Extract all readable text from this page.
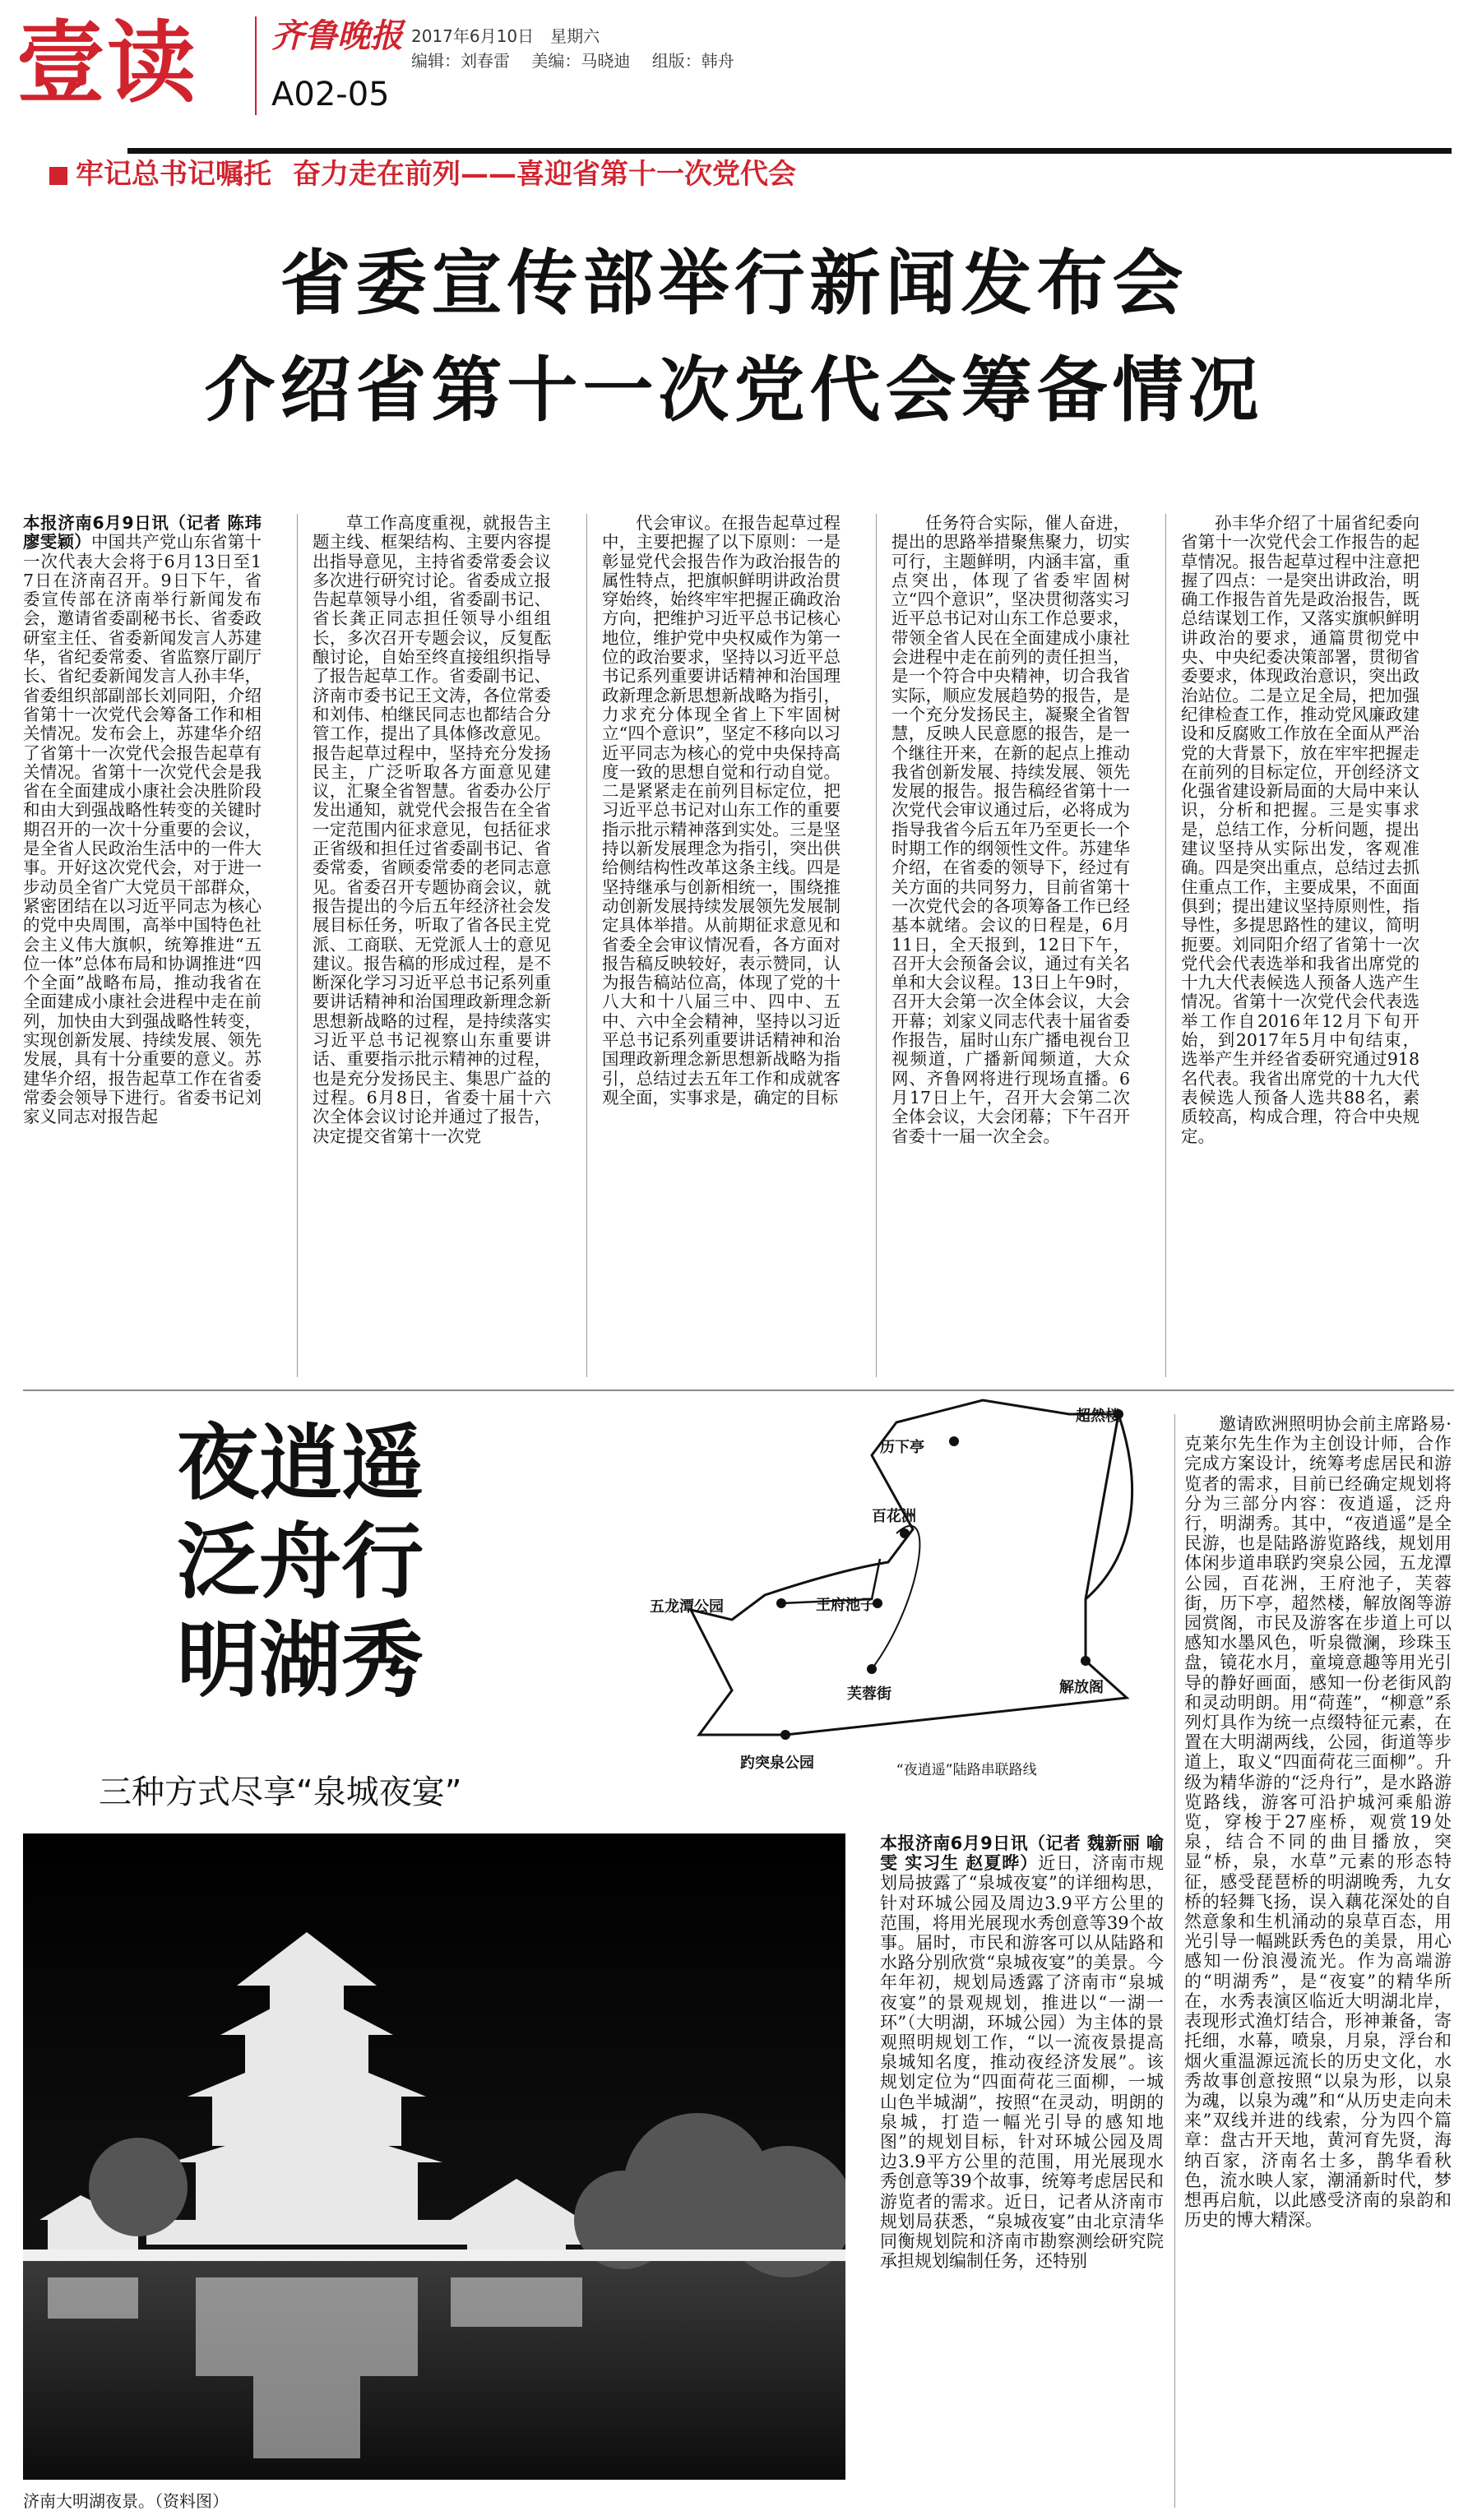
壹读 齐鲁晚报 2017年6月10日　星期六
编辑：刘春雷 美编：马晓迪 组版：韩舟
A02-05
牢记总书记嘱托 奋力走在前列——喜迎省第十一次党代会
省委宣传部举行新闻发布会
介绍省第十一次党代会筹备情况
本报济南6月9日讯（记者 陈玮 廖雯颖）中国共产党山东省第十一次代表大会将于6月13日至17日在济南召开。9日下午，省委宣传部在济南举行新闻发布会，邀请省委副秘书长、省委政研室主任、省委新闻发言人苏建华，省纪委常委、省监察厅副厅长、省纪委新闻发言人孙丰华，省委组织部副部长刘同阳，介绍省第十一次党代会筹备工作和相关情况。发布会上，苏建华介绍了省第十一次党代会报告起草有关情况。省第十一次党代会是我省在全面建成小康社会决胜阶段和由大到强战略性转变的关键时期召开的一次十分重要的会议，是全省人民政治生活中的一件大事。开好这次党代会，对于进一步动员全省广大党员干部群众，紧密团结在以习近平同志为核心的党中央周围，高举中国特色社会主义伟大旗帜，统筹推进“五位一体”总体布局和协调推进“四个全面”战略布局，推动我省在全面建成小康社会进程中走在前列，加快由大到强战略性转变，实现创新发展、持续发展、领先发展，具有十分重要的意义。苏建华介绍，报告起草工作在省委常委会领导下进行。省委书记刘家义同志对报告起
草工作高度重视，就报告主题主线、框架结构、主要内容提出指导意见，主持省委常委会议多次进行研究讨论。省委成立报告起草领导小组，省委副书记、省长龚正同志担任领导小组组长，多次召开专题会议，反复酝酿讨论，自始至终直接组织指导了报告起草工作。省委副书记、济南市委书记王文涛，各位常委和刘伟、柏继民同志也都结合分管工作，提出了具体修改意见。报告起草过程中，坚持充分发扬民主，广泛听取各方面意见建议，汇聚全省智慧。省委办公厅发出通知，就党代会报告在全省一定范围内征求意见，包括征求正省级和担任过省委副书记、省委常委，省顾委常委的老同志意见。省委召开专题协商会议，就报告提出的今后五年经济社会发展目标任务，听取了省各民主党派、工商联、无党派人士的意见建议。报告稿的形成过程，是不断深化学习习近平总书记系列重要讲话精神和治国理政新理念新思想新战略的过程，是持续落实习近平总书记视察山东重要讲话、重要指示批示精神的过程，也是充分发扬民主、集思广益的过程。6月8日，省委十届十六次全体会议讨论并通过了报告，决定提交省第十一次党
代会审议。在报告起草过程中，主要把握了以下原则：一是彰显党代会报告作为政治报告的属性特点，把旗帜鲜明讲政治贯穿始终，始终牢牢把握正确政治方向，把维护习近平总书记核心地位，维护党中央权威作为第一位的政治要求，坚持以习近平总书记系列重要讲话精神和治国理政新理念新思想新战略为指引，力求充分体现全省上下牢固树立“四个意识”，坚定不移向以习近平同志为核心的党中央保持高度一致的思想自觉和行动自觉。二是紧紧走在前列目标定位，把习近平总书记对山东工作的重要指示批示精神落到实处。三是坚持以新发展理念为指引，突出供给侧结构性改革这条主线。四是坚持继承与创新相统一，围绕推动创新发展持续发展领先发展制定具体举措。从前期征求意见和省委全会审议情况看，各方面对报告稿反映较好，表示赞同，认为报告稿站位高，体现了党的十八大和十八届三中、四中、五中、六中全会精神，坚持以习近平总书记系列重要讲话精神和治国理政新理念新思想新战略为指引，总结过去五年工作和成就客观全面，实事求是，确定的目标
任务符合实际，催人奋进，提出的思路举措聚焦聚力，切实可行，主题鲜明，内涵丰富，重点突出，体现了省委牢固树立“四个意识”，坚决贯彻落实习近平总书记对山东工作总要求，带领全省人民在全面建成小康社会进程中走在前列的责任担当，是一个符合中央精神，切合我省实际，顺应发展趋势的报告，是一个充分发扬民主，凝聚全省智慧，反映人民意愿的报告，是一个继往开来，在新的起点上推动我省创新发展、持续发展、领先发展的报告。报告稿经省第十一次党代会审议通过后，必将成为指导我省今后五年乃至更长一个时期工作的纲领性文件。苏建华介绍，在省委的领导下，经过有关方面的共同努力，目前省第十一次党代会的各项筹备工作已经基本就绪。会议的日程是，6月11日，全天报到，12日下午，召开大会预备会议，通过有关名单和大会议程。13日上午9时，召开大会第一次全体会议，大会开幕；刘家义同志代表十届省委作报告，届时山东广播电视台卫视频道，广播新闻频道，大众网、齐鲁网将进行现场直播。6月17日上午，召开大会第二次全体会议，大会闭幕；下午召开省委十一届一次全会。
孙丰华介绍了十届省纪委向省第十一次党代会工作报告的起草情况。报告起草过程中注意把握了四点：一是突出讲政治，明确工作报告首先是政治报告，既总结谋划工作，又落实旗帜鲜明讲政治的要求，通篇贯彻党中央、中央纪委决策部署，贯彻省委要求，体现政治意识，突出政治站位。二是立足全局，把加强纪律检查工作，推动党风廉政建设和反腐败工作放在全面从严治党的大背景下，放在牢牢把握走在前列的目标定位，开创经济文化强省建设新局面的大局中来认识，分析和把握。三是实事求是，总结工作，分析问题，提出建议坚持从实际出发，客观准确。四是突出重点，总结过去抓住重点工作，主要成果，不面面俱到；提出建议坚持原则性，指导性，多提思路性的建议，简明扼要。刘同阳介绍了省第十一次党代会代表选举和我省出席党的十九大代表候选人预备人选产生情况。省第十一次党代会代表选举工作自2016年12月下旬开始，到2017年5月中旬结束，选举产生并经省委研究通过918名代表。我省出席党的十九大代表候选人预备人选共88名，素质较高，构成合理，符合中央规定。
夜逍遥
泛舟行
明湖秀
三种方式尽享“泉城夜宴”
超然楼
历下亭
百花洲
五龙潭公园	王府池子
芙蓉街	解放阁
趵突泉公园	“夜逍遥”陆路串联路线
济南大明湖夜景。（资料图）
本报济南6月9日讯（记者 魏新丽 喻雯 实习生 赵夏晔）近日，济南市规划局披露了“泉城夜宴”的详细构思，针对环城公园及周边3.9平方公里的范围，将用光展现水秀创意等39个故事。届时，市民和游客可以从陆路和水路分别欣赏“泉城夜宴”的美景。今年年初，规划局透露了济南市“泉城夜宴”的景观规划，推进以“一湖一环”（大明湖，环城公园）为主体的景观照明规划工作，“以一流夜景提高泉城知名度，推动夜经济发展”。该规划定位为“四面荷花三面柳，一城山色半城湖”，按照“在灵动，明朗的泉城，打造一幅光引导的感知地图”的规划目标，针对环城公园及周边3.9平方公里的范围，用光展现水秀创意等39个故事，统筹考虑居民和游览者的需求。近日，记者从济南市规划局获悉，“泉城夜宴”由北京清华同衡规划院和济南市勘察测绘研究院承担规划编制任务，还特别
邀请欧洲照明协会前主席路易·克莱尔先生作为主创设计师，合作完成方案设计，统筹考虑居民和游览者的需求，目前已经确定规划将分为三部分内容：夜逍遥，泛舟行，明湖秀。其中，“夜逍遥”是全民游，也是陆路游览路线，规划用体闲步道串联趵突泉公园，五龙潭公园，百花洲，王府池子，芙蓉街，历下亭，超然楼，解放阁等游园赏阁，市民及游客在步道上可以感知水墨风色，听泉微澜，珍珠玉盘，镜花水月，童境意趣等用光引导的静好画面，感知一份老街风韵和灵动明朗。用“荷莲”，“柳意”系列灯具作为统一点缀特征元素，在置在大明湖两线，公园，街道等步道上，取义“四面荷花三面柳”。升级为精华游的“泛舟行”，是水路游览路线，游客可沿护城河乘船游览，穿梭于27座桥，观赏19处泉，结合不同的曲目播放，突显“桥，泉，水草”元素的形态特征，感受琵琶桥的明湖晚秀，九女桥的轻舞飞扬，误入藕花深处的自然意象和生机涌动的泉草百态，用光引导一幅跳跃秀色的美景，用心感知一份浪漫流光。作为高端游的“明湖秀”，是“夜宴”的精华所在，水秀表演区临近大明湖北岸，表现形式渔灯结合，形神兼备，寄托细，水幕，喷泉，月泉，浮台和烟火重温源远流长的历史文化，水秀故事创意按照“以泉为形，以泉为魂，以泉为魂”和“从历史走向未来”双线并进的线索，分为四个篇章：盘古开天地，黄河育先贤，海纳百家，济南名士多，鹊华看秋色，流水映人家，潮涌新时代，梦想再启航，以此感受济南的泉韵和历史的博大精深。
